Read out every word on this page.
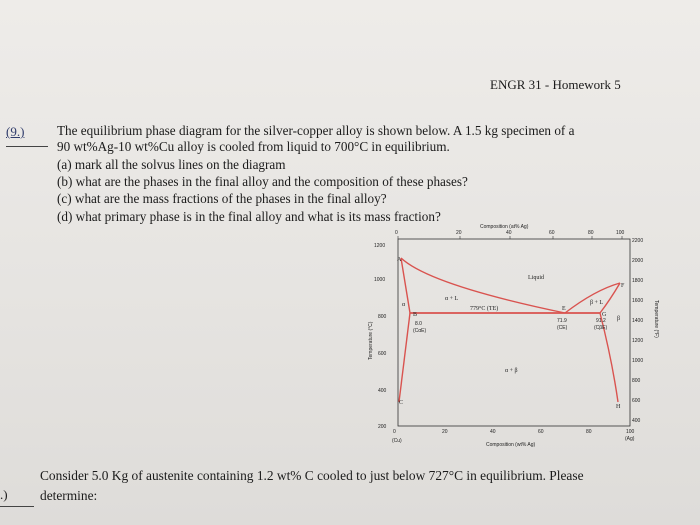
ENGR 31 - Homework 5
(9.) The equilibrium phase diagram for the silver-copper alloy is shown below. A 1.5 kg specimen of a
90 wt%Ag-10 wt%Cu alloy is cooled from liquid to 700°C in equilibrium.
(a) mark all the solvus lines on the diagram
(b) what are the phases in the final alloy and the composition of these phases?
(c) what are the mass fractions of the phases in the final alloy?
(d) what primary phase is in the final alloy and what is its mass fraction?
0	20	40	60	80	100
Composition (at% Ag)
0	20	40	60	80	100
(Cu)	(Ag)
Composition (wt% Ag)
1200
1000
800
600
400
200
Temperature (°C)
2200
2000
1800
1600
1400
1200
1000
800
600
400
Temperature (°F)
A
B
C
E
F
G
H
Liquid
α + L
β + L
α + β
α
β
779°C (TE)
8.0
(CαE)
71.9
(CE)
91.2
(CβE)
.)
Consider 5.0 Kg of austenite containing 1.2 wt% C cooled to just below 727°C in equilibrium. Please
determine:
